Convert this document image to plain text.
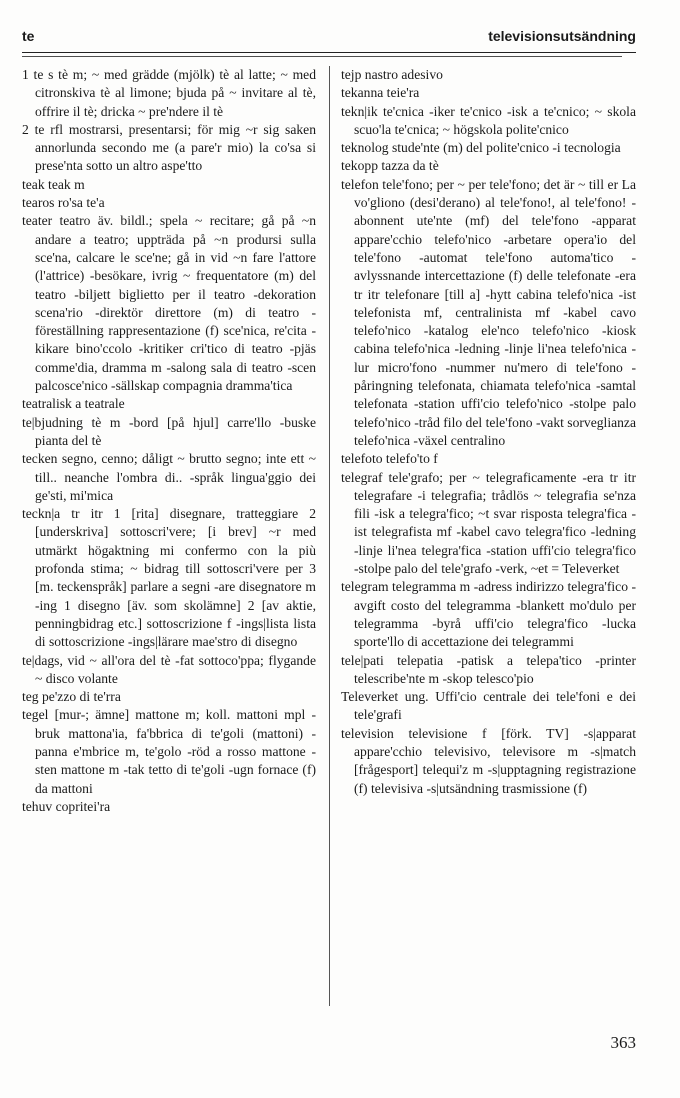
te	televisionsutsändning

1 te s tè m; ~ med grädde (mjölk) tè al latte; ~ med citronskiva tè al limone; bjuda på ~ invitare al tè, offrire il tè; dricka ~ pre'ndere il tè

2 te rfl mostrarsi, presentarsi; för mig ~r sig saken annorlunda secondo me (a pare'r mio) la co'sa si prese'nta sotto un altro aspe'tto

teak teak m

tearos ro'sa te'a

teater teatro äv. bildl.; spela ~ recitare; gå på ~n andare a teatro; uppträda på ~n prodursi sulla sce'na, calcare le sce'ne; gå in vid ~n fare l'attore (l'attrice) -besökare, ivrig ~ frequentatore (m) del teatro -biljett biglietto per il teatro -dekoration scena'rio -direktör direttore (m) di teatro -föreställning rappresentazione (f) sce'nica, re'cita -kikare bino'ccolo -kritiker cri'tico di teatro -pjäs comme'dia, dramma m -salong sala di teatro -scen palcosce'nico -sällskap compagnia dramma'tica

teatralisk a teatrale

te|bjudning tè m -bord [på hjul] carre'llo -buske pianta del tè

tecken segno, cenno; dåligt ~ brutto segno; inte ett ~ till.. neanche l'ombra di.. -språk lingua'ggio dei ge'sti, mi'mica

teckn|a tr itr 1 [rita] disegnare, tratteggiare 2 [underskriva] sottoscri'vere; [i brev] ~r med utmärkt högaktning mi confermo con la più profonda stima; ~ bidrag till sottoscri'vere per 3 [m. teckenspråk] parlare a segni -are disegnatore m -ing 1 disegno [äv. som skolämne] 2 [av aktie, penningbidrag etc.] sottoscrizione f -ings|lista lista di sottoscrizione -ings|lärare mae'stro di disegno

te|dags, vid ~ all'ora del tè -fat sottoco'ppa; flygande ~ disco volante

teg pe'zzo di te'rra

tegel [mur-; ämne] mattone m; koll. mattoni mpl -bruk mattona'ia, fa'bbrica di te'goli (mattoni) -panna e'mbrice m, te'golo -röd a rosso mattone -sten mattone m -tak tetto di te'goli -ugn fornace (f) da mattoni

tehuv copritei'ra

tejp nastro adesivo

tekanna teie'ra

tekn|ik te'cnica -iker te'cnico -isk a te'cnico; ~ skola scuo'la te'cnica; ~ högskola polite'cnico

teknolog stude'nte (m) del polite'cnico -i tecnologia

tekopp tazza da tè

telefon tele'fono; per ~ per tele'fono; det är ~ till er La vo'gliono (desi'derano) al tele'fono!, al tele'fono! -abonnent ute'nte (mf) del tele'fono -apparat appare'cchio telefo'nico -arbetare opera'io del tele'fono -automat tele'fono automa'tico -avlyssnande intercettazione (f) delle telefonate -era tr itr telefonare [till a] -hytt cabina telefo'nica -ist telefonista mf, centralinista mf -kabel cavo telefo'nico -katalog ele'nco telefo'nico -kiosk cabina telefo'nica -ledning -linje li'nea telefo'nica -lur micro'fono -nummer nu'mero di tele'fono -påringning telefonata, chiamata telefo'nica -samtal telefonata -station uffi'cio telefo'nico -stolpe palo telefo'nico -tråd filo del tele'fono -vakt sorveglianza telefo'nica -växel centralino

telefoto telefo'to f

telegraf tele'grafo; per ~ telegraficamente -era tr itr telegrafare -i telegrafia; trådlös ~ telegrafia se'nza fili -isk a telegra'fico; ~t svar risposta telegra'fica -ist telegrafista mf -kabel cavo telegra'fico -ledning -linje li'nea telegra'fica -station uffi'cio telegra'fico -stolpe palo del tele'grafo -verk, ~et = Televerket

telegram telegramma m -adress indirizzo telegra'fico -avgift costo del telegramma -blankett mo'dulo per telegramma -byrå uffi'cio telegra'fico -lucka sporte'llo di accettazione dei telegrammi

tele|pati telepatia -patisk a telepa'tico -printer telescribe'nte m -skop telesco'pio

Televerket ung. Uffi'cio centrale dei tele'foni e dei tele'grafi

television televisione f [förk. TV] -s|apparat appare'cchio televisivo, televisore m -s|match [frågesport] telequi'z m -s|upptagning registrazione (f) televisiva -s|utsändning trasmissione (f)

363
